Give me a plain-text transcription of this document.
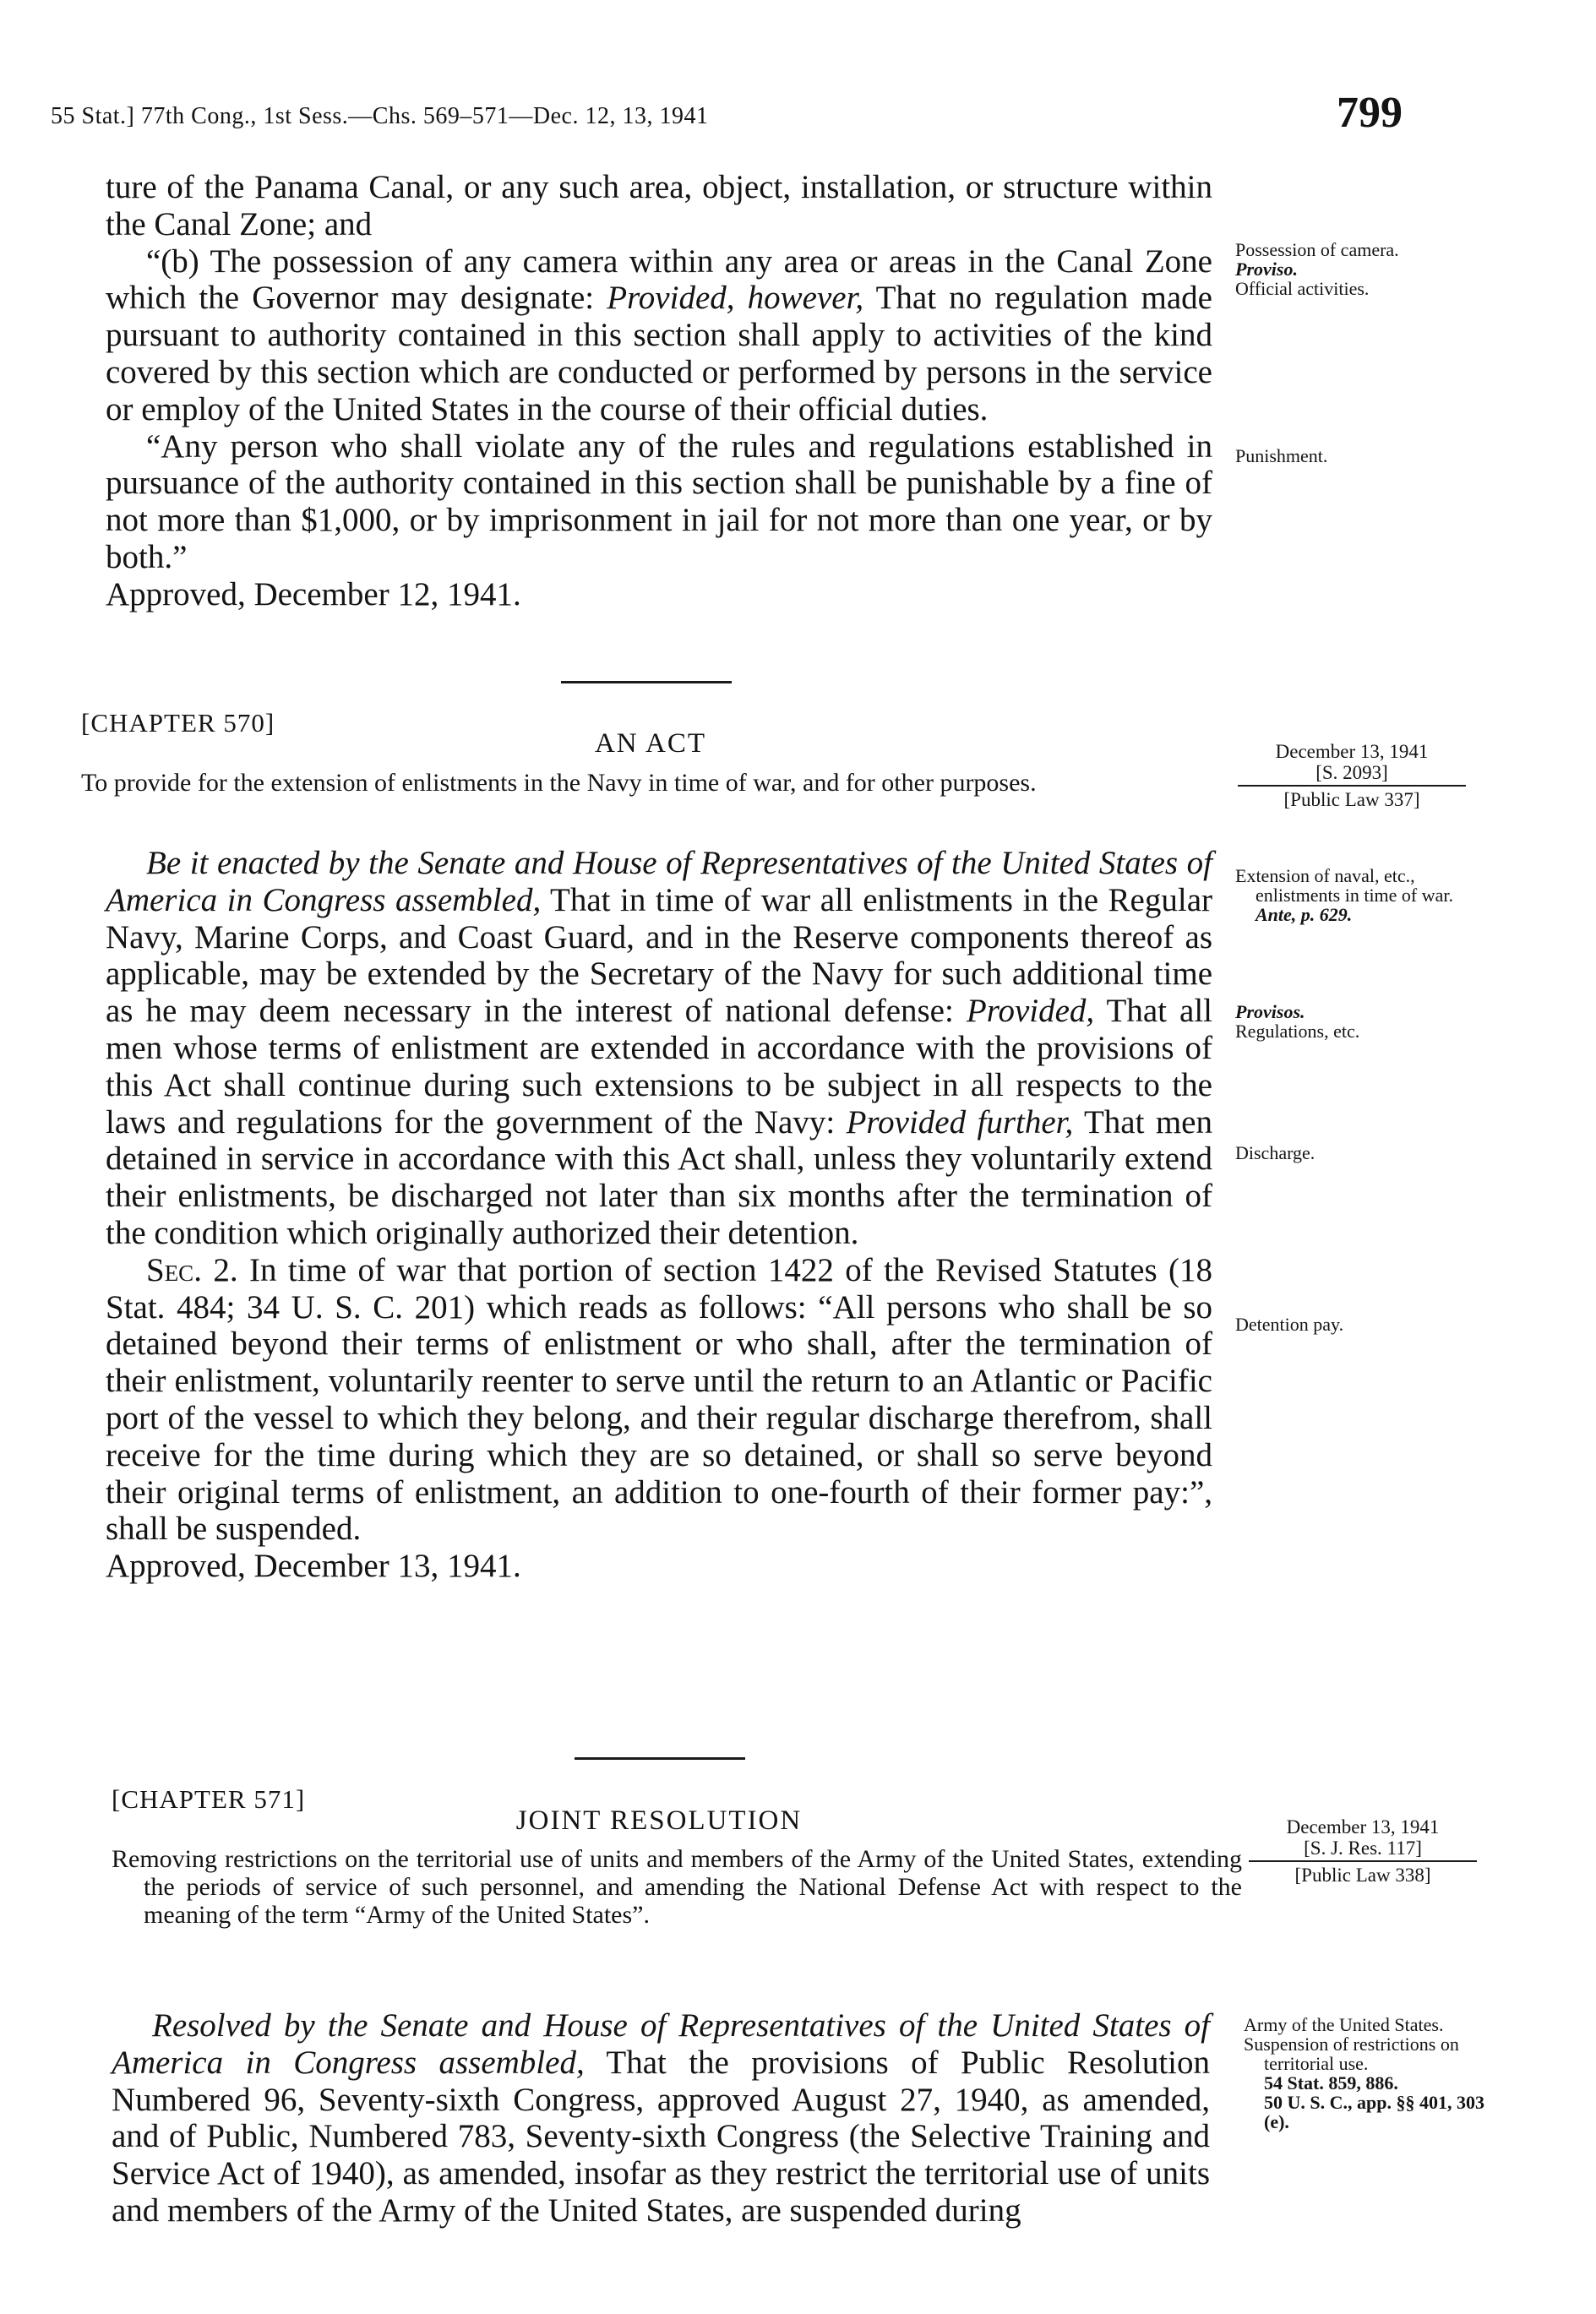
55 Stat.] 77th Cong., 1st Sess.—Chs. 569–571—Dec. 12, 13, 1941	799

ture of the Panama Canal, or any such area, object, installation, or structure within the Canal Zone; and

“(b) The possession of any camera within any area or areas in the Canal Zone which the Governor may designate: Provided, however, That no regulation made pursuant to authority contained in this section shall apply to activities of the kind covered by this section which are conducted or performed by persons in the service or employ of the United States in the course of their official duties.

“Any person who shall violate any of the rules and regulations established in pursuance of the authority contained in this section shall be punishable by a fine of not more than $1,000, or by imprisonment in jail for not more than one year, or by both.”

Approved, December 12, 1941.

Possession of camera.

Proviso.

Official activities.

Punishment.

[CHAPTER 570]
AN ACT
To provide for the extension of enlistments in the Navy in time of war, and for other purposes.
December 13, 1941
[S. 2093]
[Public Law 337]

Be it enacted by the Senate and House of Representatives of the United States of America in Congress assembled, That in time of war all enlistments in the Regular Navy, Marine Corps, and Coast Guard, and in the Reserve components thereof as applicable, may be extended by the Secretary of the Navy for such additional time as he may deem necessary in the interest of national defense: Provided, That all men whose terms of enlistment are extended in accordance with the provisions of this Act shall continue during such extensions to be subject in all respects to the laws and regulations for the government of the Navy: Provided further, That men detained in service in accordance with this Act shall, unless they voluntarily extend their enlistments, be discharged not later than six months after the termination of the condition which originally authorized their detention.

Sec. 2. In time of war that portion of section 1422 of the Revised Statutes (18 Stat. 484; 34 U. S. C. 201) which reads as follows: “All persons who shall be so detained beyond their terms of enlistment or who shall, after the termination of their enlistment, voluntarily reenter to serve until the return to an Atlantic or Pacific port of the vessel to which they belong, and their regular discharge therefrom, shall receive for the time during which they are so detained, or shall so serve beyond their original terms of enlistment, an addition to one-fourth of their former pay:”, shall be suspended.

Approved, December 13, 1941.

Extension of naval, etc., enlistments in time of war.

Ante, p. 629.

Provisos.

Regulations, etc.

Discharge.

Detention pay.

[CHAPTER 571]
JOINT RESOLUTION
Removing restrictions on the territorial use of units and members of the Army of the United States, extending the periods of service of such personnel, and amending the National Defense Act with respect to the meaning of the term “Army of the United States”.
December 13, 1941
[S. J. Res. 117]
[Public Law 338]

Resolved by the Senate and House of Representatives of the United States of America in Congress assembled, That the provisions of Public Resolution Numbered 96, Seventy-sixth Congress, approved August 27, 1940, as amended, and of Public, Numbered 783, Seventy-sixth Congress (the Selective Training and Service Act of 1940), as amended, insofar as they restrict the territorial use of units and members of the Army of the United States, are suspended during

Army of the United States.

Suspension of restrictions on territorial use.

54 Stat. 859, 886.

50 U. S. C., app. §§ 401, 303 (e).
